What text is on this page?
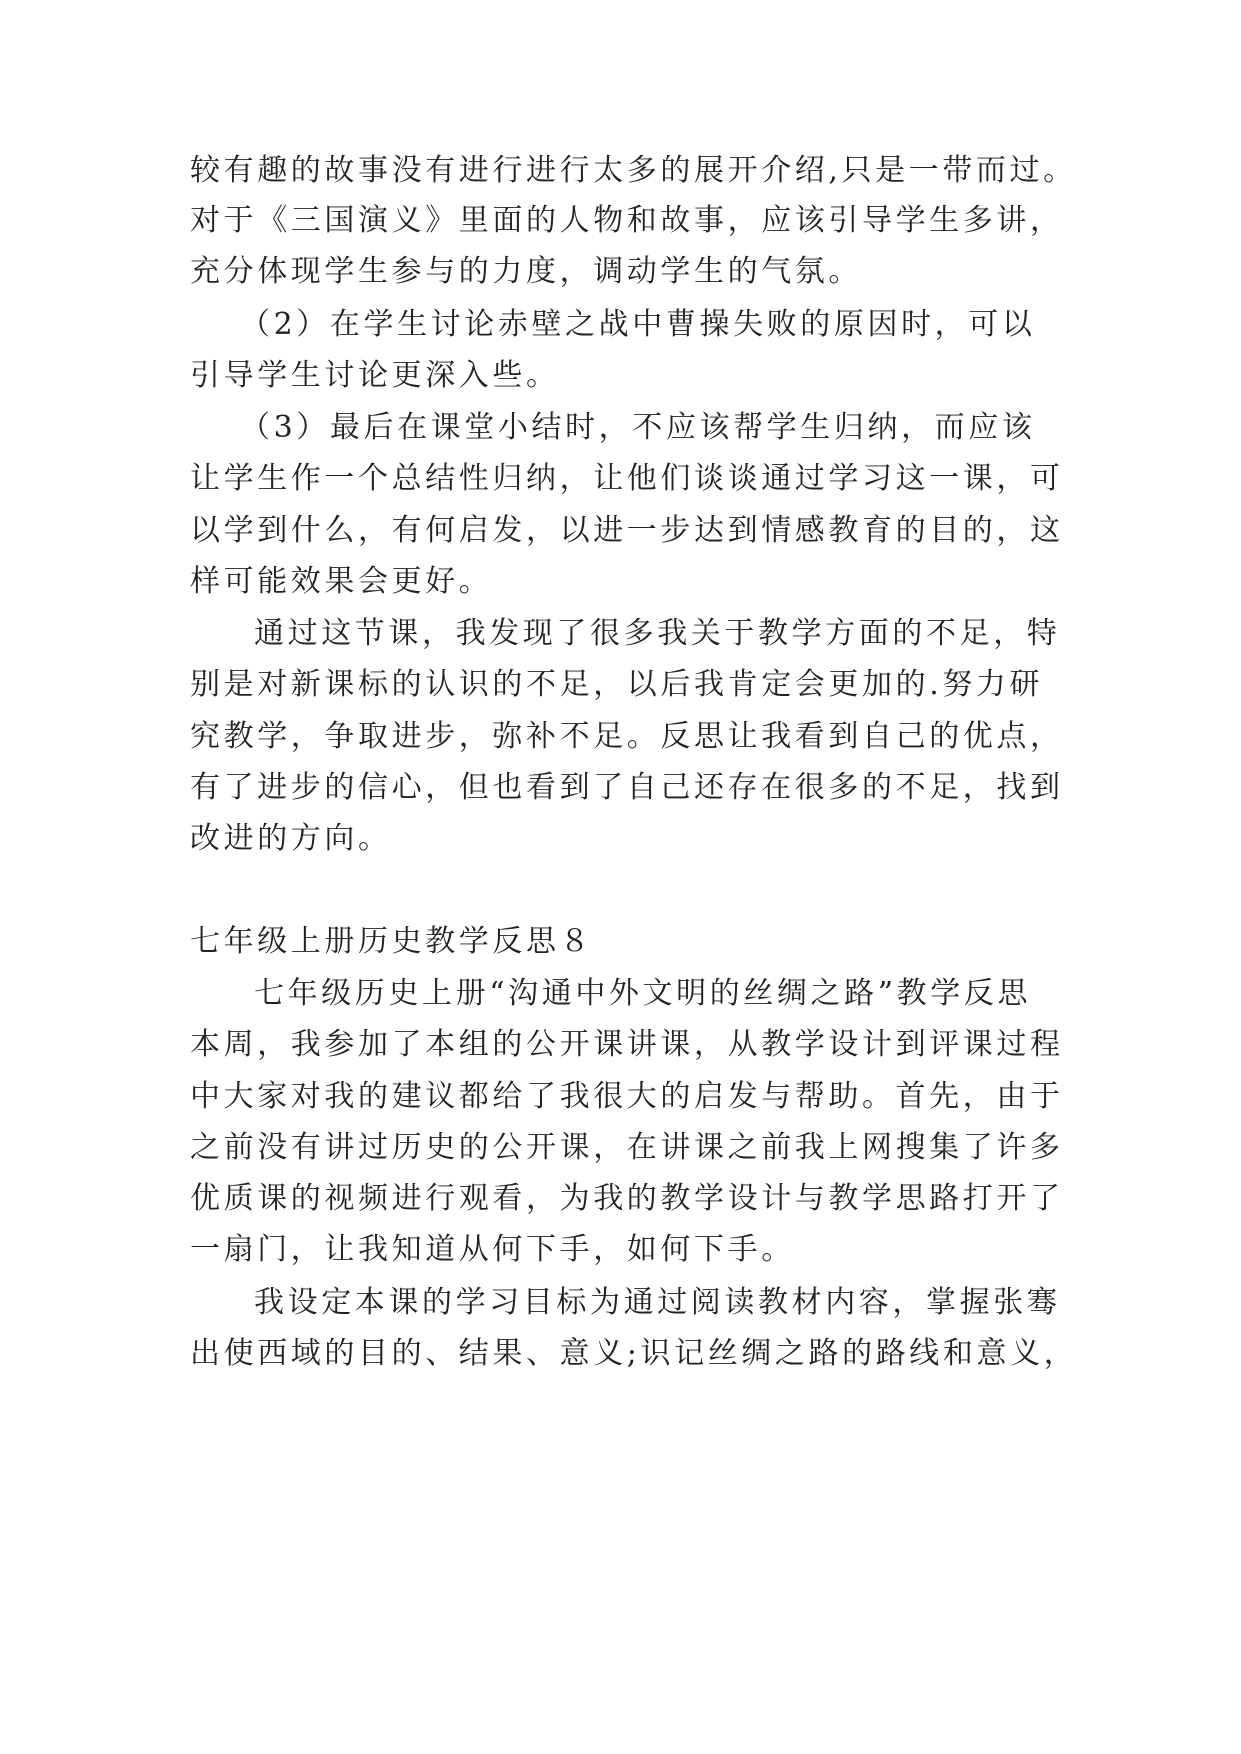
较有趣的故事没有进行进行太多的展开介绍,只是一带而过。
对于《三国演义》里面的人物和故事，应该引导学生多讲，
充分体现学生参与的力度，调动学生的气氛。
（2）在学生讨论赤壁之战中曹操失败的原因时，可以
引导学生讨论更深入些。
（3）最后在课堂小结时，不应该帮学生归纳，而应该
让学生作一个总结性归纳，让他们谈谈通过学习这一课，可
以学到什么，有何启发，以进一步达到情感教育的目的，这
样可能效果会更好。
通过这节课，我发现了很多我关于教学方面的不足，特
别是对新课标的认识的不足，以后我肯定会更加的.努力研
究教学，争取进步，弥补不足。反思让我看到自己的优点，
有了进步的信心，但也看到了自己还存在很多的不足，找到
改进的方向。
七年级上册历史教学反思８
七年级历史上册“沟通中外文明的丝绸之路”教学反思
本周，我参加了本组的公开课讲课，从教学设计到评课过程
中大家对我的建议都给了我很大的启发与帮助。首先，由于
之前没有讲过历史的公开课，在讲课之前我上网搜集了许多
优质课的视频进行观看，为我的教学设计与教学思路打开了
一扇门，让我知道从何下手，如何下手。
我设定本课的学习目标为通过阅读教材内容，掌握张骞
出使西域的目的、结果、意义;识记丝绸之路的路线和意义，
